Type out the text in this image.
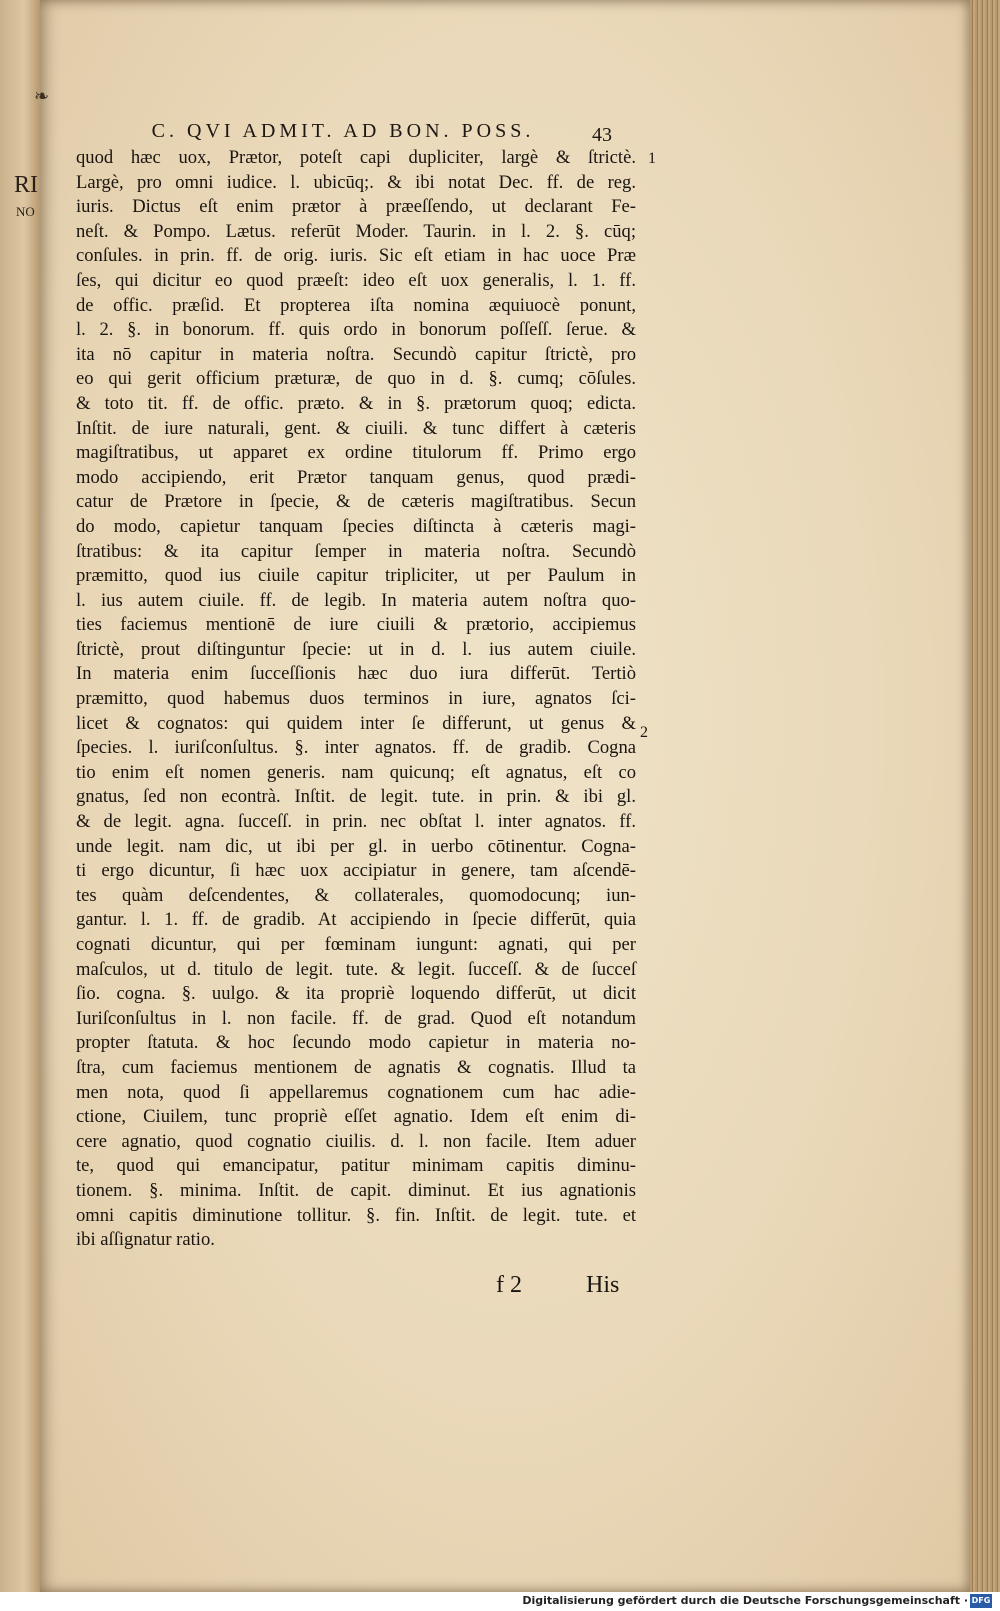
RI
NO
❧
C. QVI ADMIT. AD BON. POSS.	43
quod hæc uox, Prætor, poteſt capi dupliciter, largè & ſtrictè.
Largè, pro omni iudice. l. ubicūq;. & ibi notat Dec. ff. de reg.
iuris. Dictus eſt enim prætor à præeſſendo, ut declarant Fe-
neſt. & Pompo. Lætus. referūt Moder. Taurin. in l. 2. §. cūq;
conſules. in prin. ff. de orig. iuris. Sic eſt etiam in hac uoce Præ
ſes, qui dicitur eo quod præeſt: ideo eſt uox generalis, l. 1. ff.
de offic. præſid. Et propterea iſta nomina æquiuocè ponunt,
l. 2. §. in bonorum. ff. quis ordo in bonorum poſſeſſ. ſerue. &
ita nō capitur in materia noſtra. Secundò capitur ſtrictè, pro
eo qui gerit officium præturæ, de quo in d. §. cumq; cōſules.
& toto tit. ff. de offic. præto. & in §. prætorum quoq; edicta.
Inſtit. de iure naturali, gent. & ciuili. & tunc differt à cæteris
magiſtratibus, ut apparet ex ordine titulorum ff. Primo ergo
modo accipiendo, erit Prætor tanquam genus, quod prædi-
catur de Prætore in ſpecie, & de cæteris magiſtratibus. Secun
do modo, capietur tanquam ſpecies diſtincta à cæteris magi-
ſtratibus: & ita capitur ſemper in materia noſtra. Secundò
præmitto, quod ius ciuile capitur tripliciter, ut per Paulum in
l. ius autem ciuile. ff. de legib. In materia autem noſtra quo-
ties faciemus mentionē de iure ciuili & prætorio, accipiemus
ſtrictè, prout diſtinguntur ſpecie: ut in d. l. ius autem ciuile.
In materia enim ſucceſſionis hæc duo iura differūt. Tertiò
præmitto, quod habemus duos terminos in iure, agnatos ſci-
licet & cognatos: qui quidem inter ſe differunt, ut genus &
ſpecies. l. iuriſconſultus. §. inter agnatos. ff. de gradib. Cogna
tio enim eſt nomen generis. nam quicunq; eſt agnatus, eſt co
gnatus, ſed non econtrà. Inſtit. de legit. tute. in prin. & ibi gl.
& de legit. agna. ſucceſſ. in prin. nec obſtat l. inter agnatos. ff.
unde legit. nam dic, ut ibi per gl. in uerbo cōtinentur. Cogna-
ti ergo dicuntur, ſi hæc uox accipiatur in genere, tam aſcendē-
tes quàm deſcendentes, & collaterales, quomodocunq; iun-
gantur. l. 1. ff. de gradib. At accipiendo in ſpecie differūt, quia
cognati dicuntur, qui per fœminam iungunt: agnati, qui per
maſculos, ut d. titulo de legit. tute. & legit. ſucceſſ. & de ſucceſ
ſio. cogna. §. uulgo. & ita propriè loquendo differūt, ut dicit
Iuriſconſultus in l. non facile. ff. de grad. Quod eſt notandum
propter ſtatuta. & hoc ſecundo modo capietur in materia no-
ſtra, cum faciemus mentionem de agnatis & cognatis. Illud ta
men nota, quod ſi appellaremus cognationem cum hac adie-
ctione, Ciuilem, tunc propriè eſſet agnatio. Idem eſt enim di-
cere agnatio, quod cognatio ciuilis. d. l. non facile. Item aduer
te, quod qui emancipatur, patitur minimam capitis diminu-
tionem. §. minima. Inſtit. de capit. diminut. Et ius agnationis
omni capitis diminutione tollitur. §. fin. Inſtit. de legit. tute. et
ibi aſſignatur ratio.
1
2
f 2	His
Digitalisierung gefördert durch die Deutsche Forschungsgemeinschaft · DFG
